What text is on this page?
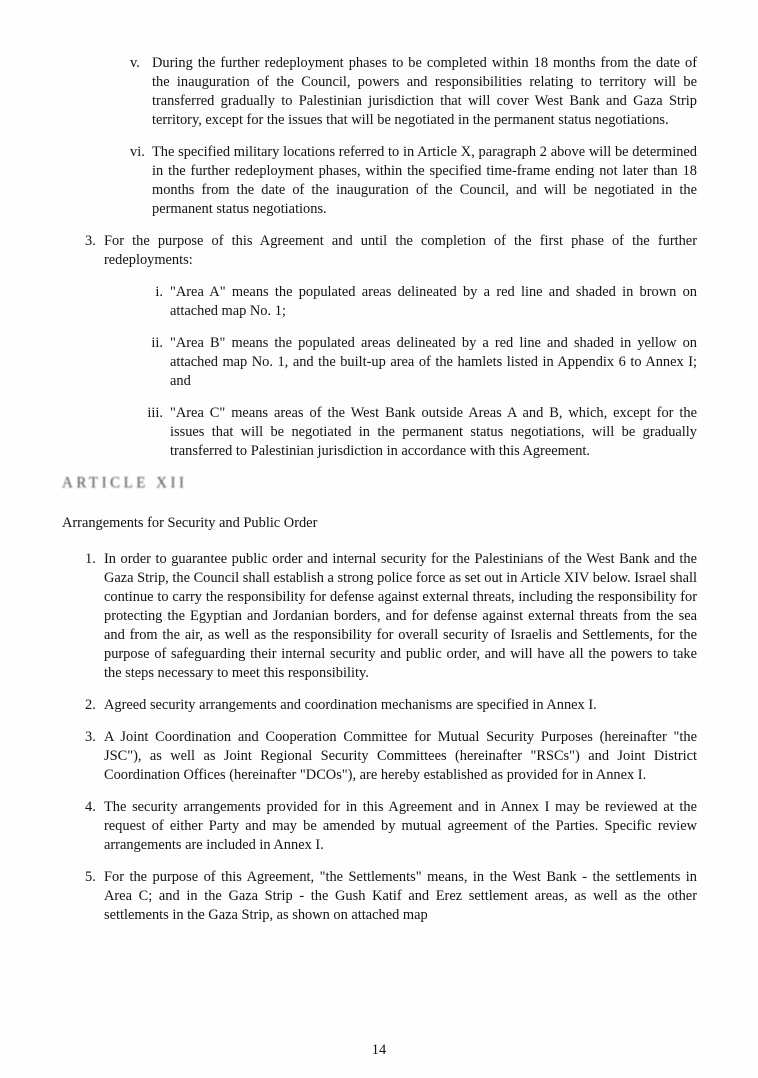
v. During the further redeployment phases to be completed within 18 months from the date of the inauguration of the Council, powers and responsibilities relating to territory will be transferred gradually to Palestinian jurisdiction that will cover West Bank and Gaza Strip territory, except for the issues that will be negotiated in the permanent status negotiations.
vi. The specified military locations referred to in Article X, paragraph 2 above will be determined in the further redeployment phases, within the specified time-frame ending not later than 18 months from the date of the inauguration of the Council, and will be negotiated in the permanent status negotiations.
3. For the purpose of this Agreement and until the completion of the first phase of the further redeployments:
i. "Area A" means the populated areas delineated by a red line and shaded in brown on attached map No. 1;
ii. "Area B" means the populated areas delineated by a red line and shaded in yellow on attached map No. 1, and the built-up area of the hamlets listed in Appendix 6 to Annex I; and
iii. "Area C" means areas of the West Bank outside Areas A and B, which, except for the issues that will be negotiated in the permanent status negotiations, will be gradually transferred to Palestinian jurisdiction in accordance with this Agreement.
ARTICLE XII
Arrangements for Security and Public Order
1. In order to guarantee public order and internal security for the Palestinians of the West Bank and the Gaza Strip, the Council shall establish a strong police force as set out in Article XIV below. Israel shall continue to carry the responsibility for defense against external threats, including the responsibility for protecting the Egyptian and Jordanian borders, and for defense against external threats from the sea and from the air, as well as the responsibility for overall security of Israelis and Settlements, for the purpose of safeguarding their internal security and public order, and will have all the powers to take the steps necessary to meet this responsibility.
2. Agreed security arrangements and coordination mechanisms are specified in Annex I.
3. A Joint Coordination and Cooperation Committee for Mutual Security Purposes (hereinafter "the JSC"), as well as Joint Regional Security Committees (hereinafter "RSCs") and Joint District Coordination Offices (hereinafter "DCOs"), are hereby established as provided for in Annex I.
4. The security arrangements provided for in this Agreement and in Annex I may be reviewed at the request of either Party and may be amended by mutual agreement of the Parties. Specific review arrangements are included in Annex I.
5. For the purpose of this Agreement, "the Settlements" means, in the West Bank - the settlements in Area C; and in the Gaza Strip - the Gush Katif and Erez settlement areas, as well as the other settlements in the Gaza Strip, as shown on attached map
14
